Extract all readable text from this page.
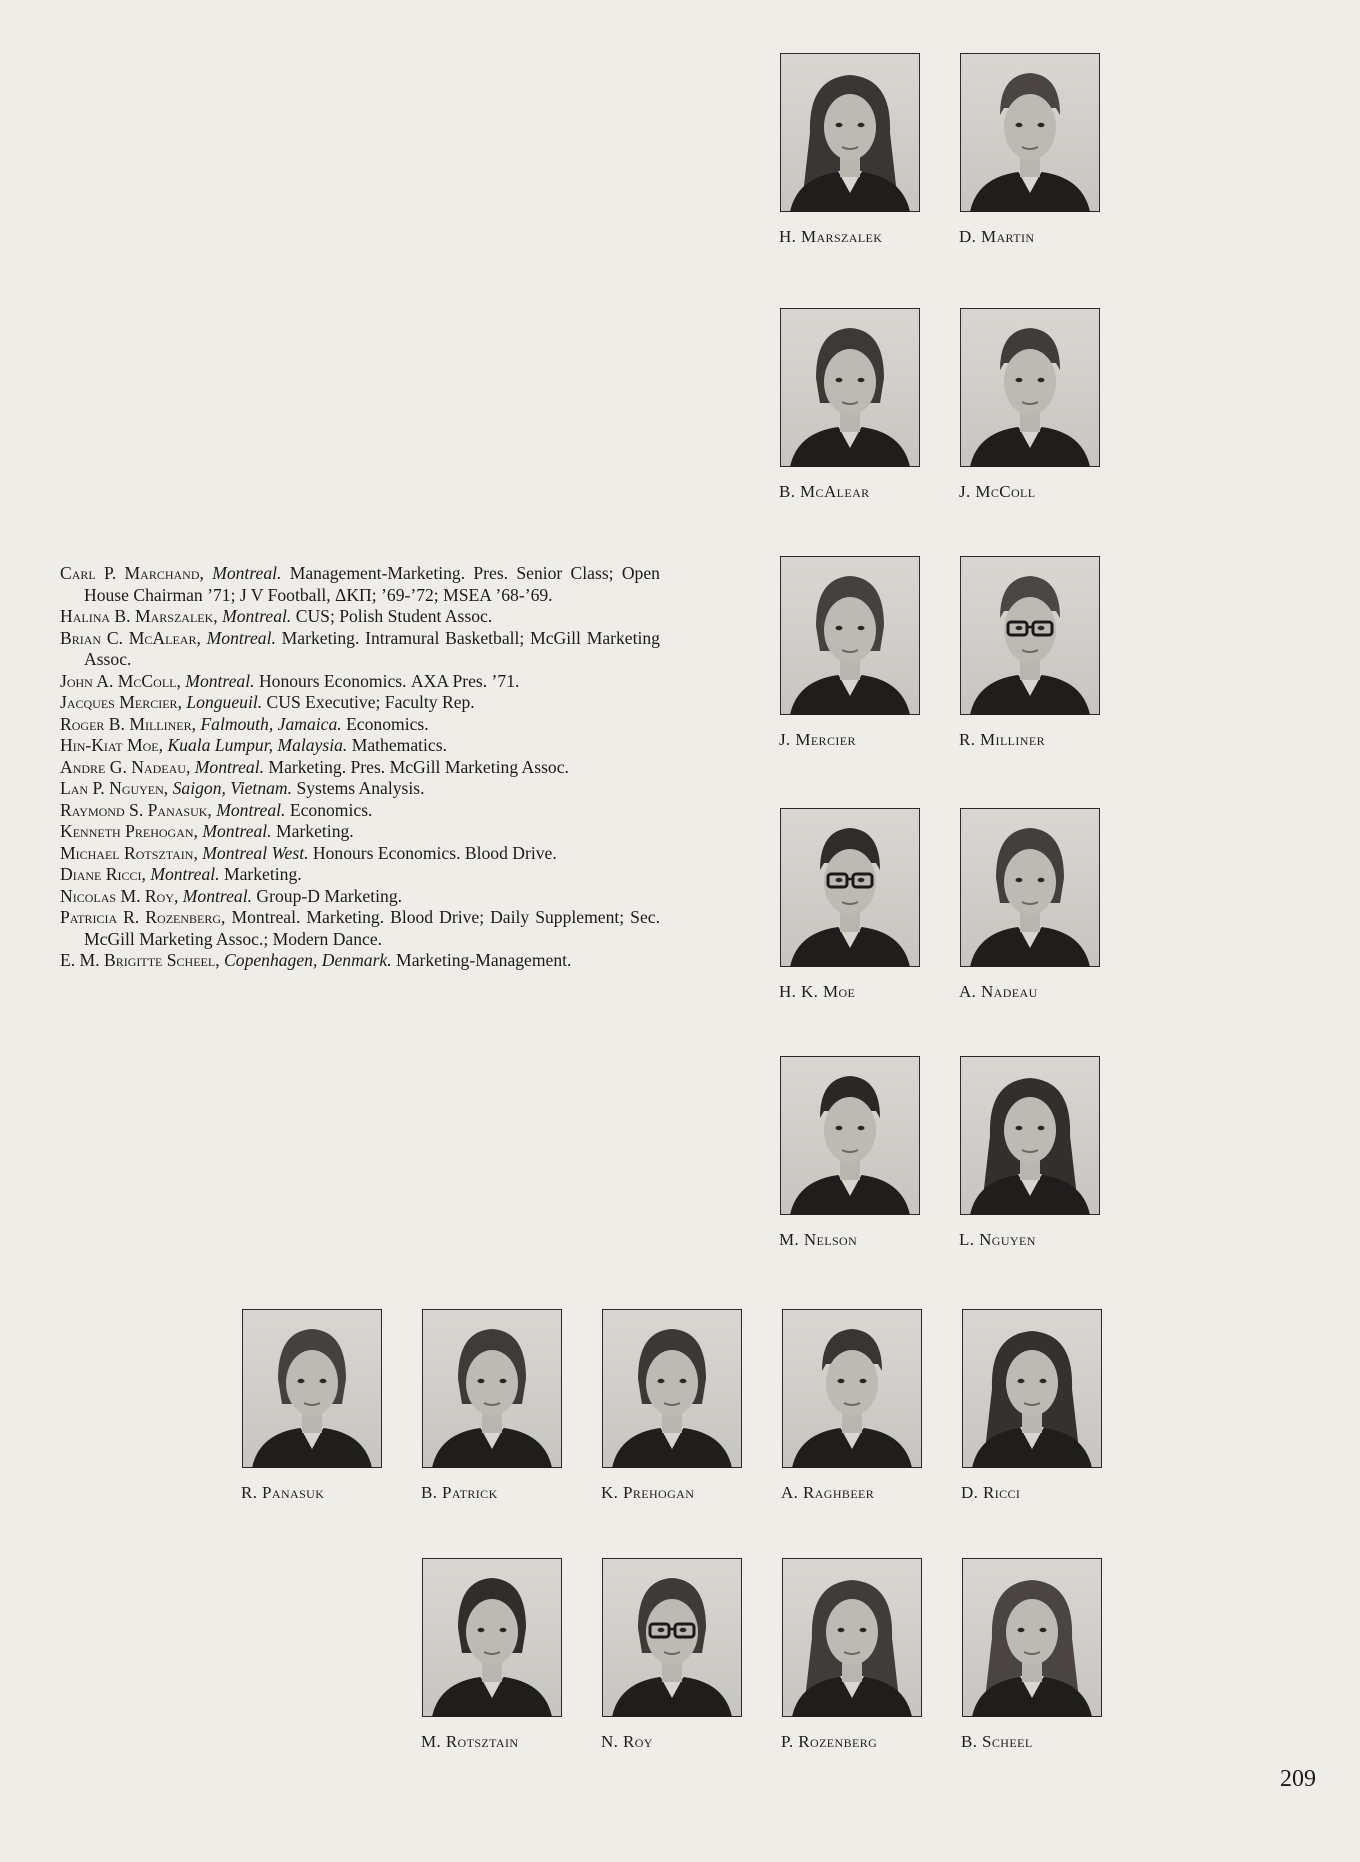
Carl P. Marchand, Montreal. Management-Marketing. Pres. Senior Class; Open House Chairman ’71; J V Football, ΔΚΠ; ’69-’72; MSEA ’68-’69.

Halina B. Marszalek, Montreal. CUS; Polish Student Assoc.

Brian C. McAlear, Montreal. Marketing. Intramural Basketball; McGill Marketing Assoc.

John A. McColl, Montreal. Honours Economics. ΑΧΑ Pres. ’71.

Jacques Mercier, Longueuil. CUS Executive; Faculty Rep.

Roger B. Milliner, Falmouth, Jamaica. Economics.

Hin-Kiat Moe, Kuala Lumpur, Malaysia. Mathematics.

Andre G. Nadeau, Montreal. Marketing. Pres. McGill Marketing Assoc.

Lan P. Nguyen, Saigon, Vietnam. Systems Analysis.

Raymond S. Panasuk, Montreal. Economics.

Kenneth Prehogan, Montreal. Marketing.

Michael Rotsztain, Montreal West. Honours Economics. Blood Drive.

Diane Ricci, Montreal. Marketing.

Nicolas M. Roy, Montreal. Group-D Marketing.

Patricia R. Rozenberg, Montreal. Marketing. Blood Drive; Daily Supplement; Sec. McGill Marketing Assoc.; Modern Dance.

E. M. Brigitte Scheel, Copenhagen, Denmark. Marketing-Management.

H. Marszalek	D. Martin
B. McAlear	J. McColl
J. Mercier	R. Milliner
H. K. Moe	A. Nadeau
M. Nelson	L. Nguyen
R. Panasuk	B. Patrick	K. Prehogan	A. Raghbeer	D. Ricci
M. Rotsztain	N. Roy	P. Rozenberg	B. Scheel
209
